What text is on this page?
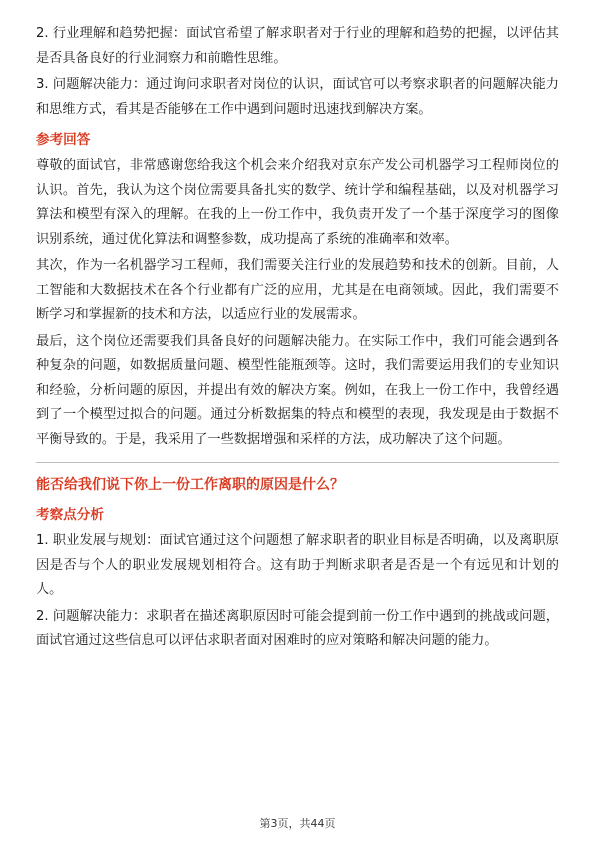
2. 行业理解和趋势把握：面试官希望了解求职者对于行业的理解和趋势的把握，以评估其是否具备良好的行业洞察力和前瞻性思维。

3. 问题解决能力：通过询问求职者对岗位的认识，面试官可以考察求职者的问题解决能力和思维方式，看其是否能够在工作中遇到问题时迅速找到解决方案。

参考回答

尊敬的面试官，非常感谢您给我这个机会来介绍我对京东产发公司机器学习工程师岗位的认识。首先，我认为这个岗位需要具备扎实的数学、统计学和编程基础，以及对机器学习算法和模型有深入的理解。在我的上一份工作中，我负责开发了一个基于深度学习的图像识别系统，通过优化算法和调整参数，成功提高了系统的准确率和效率。

其次，作为一名机器学习工程师，我们需要关注行业的发展趋势和技术的创新。目前，人工智能和大数据技术在各个行业都有广泛的应用，尤其是在电商领域。因此，我们需要不断学习和掌握新的技术和方法，以适应行业的发展需求。

最后，这个岗位还需要我们具备良好的问题解决能力。在实际工作中，我们可能会遇到各种复杂的问题，如数据质量问题、模型性能瓶颈等。这时，我们需要运用我们的专业知识和经验，分析问题的原因，并提出有效的解决方案。例如，在我上一份工作中，我曾经遇到了一个模型过拟合的问题。通过分析数据集的特点和模型的表现，我发现是由于数据不平衡导致的。于是，我采用了一些数据增强和采样的方法，成功解决了这个问题。

能否给我们说下你上一份工作离职的原因是什么？
考察点分析

1. 职业发展与规划：面试官通过这个问题想了解求职者的职业目标是否明确，以及离职原因是否与个人的职业发展规划相符合。这有助于判断求职者是否是一个有远见和计划的人。

2. 问题解决能力：求职者在描述离职原因时可能会提到前一份工作中遇到的挑战或问题，面试官通过这些信息可以评估求职者面对困难时的应对策略和解决问题的能力。

第3页，共44页
